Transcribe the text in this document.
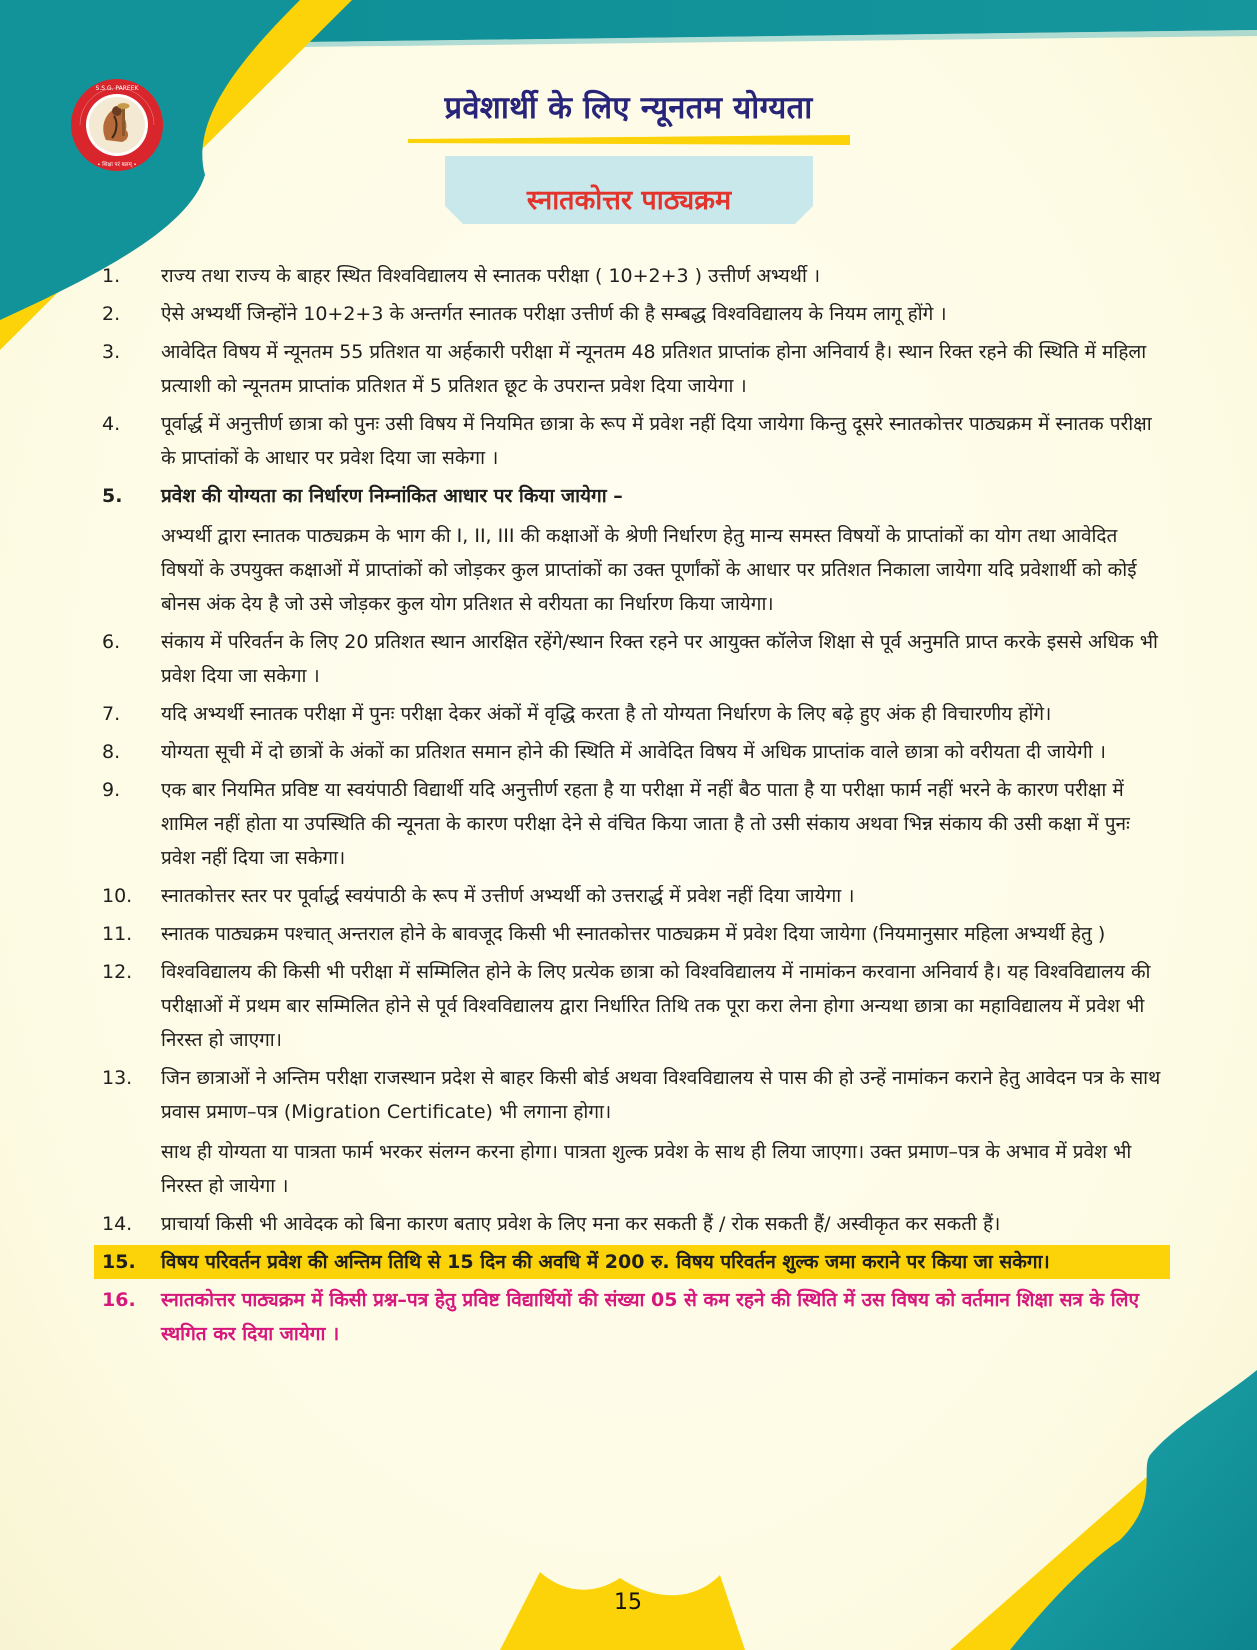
S.S.G. PAREEK
• शिक्षा परं बलम् •
प्रवेशार्थी के लिए न्यूनतम योग्यता
स्नातकोत्तर पाठ्यक्रम
1. राज्य तथा राज्य के बाहर स्थित विश्वविद्यालय से स्नातक परीक्षा ( 10+2+3 ) उत्तीर्ण अभ्यर्थी ।
2. ऐसे अभ्यर्थी जिन्होंने 10+2+3 के अन्तर्गत स्नातक परीक्षा उत्तीर्ण की है सम्बद्ध विश्वविद्यालय के नियम लागू होंगे ।
3. आवेदित विषय में न्यूनतम 55 प्रतिशत या अर्हकारी परीक्षा में न्यूनतम 48 प्रतिशत प्राप्तांक होना अनिवार्य है। स्थान रिक्त रहने की स्थिति में महिला प्रत्याशी को न्यूनतम प्राप्तांक प्रतिशत में 5 प्रतिशत छूट के उपरान्त प्रवेश दिया जायेगा ।
4. पूर्वार्द्ध में अनुत्तीर्ण छात्रा को पुनः उसी विषय में नियमित छात्रा के रूप में प्रवेश नहीं दिया जायेगा किन्तु दूसरे स्नातकोत्तर पाठ्यक्रम में स्नातक परीक्षा के प्राप्तांकों के आधार पर प्रवेश दिया जा सकेगा ।
5. प्रवेश की योग्यता का निर्धारण निम्नांकित आधार पर किया जायेगा –
अभ्यर्थी द्वारा स्नातक पाठ्यक्रम के भाग की I, II, III की कक्षाओं के श्रेणी निर्धारण हेतु मान्य समस्त विषयों के प्राप्तांकों का योग तथा आवेदित विषयों के उपयुक्त कक्षाओं में प्राप्तांकों को जोड़कर कुल प्राप्तांकों का उक्त पूर्णांकों के आधार पर प्रतिशत निकाला जायेगा यदि प्रवेशार्थी को कोई बोनस अंक देय है जो उसे जोड़कर कुल योग प्रतिशत से वरीयता का निर्धारण किया जायेगा।
6. संकाय में परिवर्तन के लिए 20 प्रतिशत स्थान आरक्षित रहेंगे/स्थान रिक्त रहने पर आयुक्त कॉलेज शिक्षा से पूर्व अनुमति प्राप्त करके इससे अधिक भी प्रवेश दिया जा सकेगा ।
7. यदि अभ्यर्थी स्नातक परीक्षा में पुनः परीक्षा देकर अंकों में वृद्धि करता है तो योग्यता निर्धारण के लिए बढ़े हुए अंक ही विचारणीय होंगे।
8. योग्यता सूची में दो छात्रों के अंकों का प्रतिशत समान होने की स्थिति में आवेदित विषय में अधिक प्राप्तांक वाले छात्रा को वरीयता दी जायेगी ।
9. एक बार नियमित प्रविष्ट या स्वयंपाठी विद्यार्थी यदि अनुत्तीर्ण रहता है या परीक्षा में नहीं बैठ पाता है या परीक्षा फार्म नहीं भरने के कारण परीक्षा में शामिल नहीं होता या उपस्थिति की न्यूनता के कारण परीक्षा देने से वंचित किया जाता है तो उसी संकाय अथवा भिन्न संकाय की उसी कक्षा में पुनः प्रवेश नहीं दिया जा सकेगा।
10. स्नातकोत्तर स्तर पर पूर्वार्द्ध स्वयंपाठी के रूप में उत्तीर्ण अभ्यर्थी को उत्तरार्द्ध में प्रवेश नहीं दिया जायेगा ।
11. स्नातक पाठ्यक्रम पश्चात् अन्तराल होने के बावजूद किसी भी स्नातकोत्तर पाठ्यक्रम में प्रवेश दिया जायेगा (नियमानुसार महिला अभ्यर्थी हेतु )
12. विश्वविद्यालय की किसी भी परीक्षा में सम्मिलित होने के लिए प्रत्येक छात्रा को विश्वविद्यालय में नामांकन करवाना अनिवार्य है। यह विश्वविद्यालय की परीक्षाओं में प्रथम बार सम्मिलित होने से पूर्व विश्वविद्यालय द्वारा निर्धारित तिथि तक पूरा करा लेना होगा अन्यथा छात्रा का महाविद्यालय में प्रवेश भी निरस्त हो जाएगा।
13. जिन छात्राओं ने अन्तिम परीक्षा राजस्थान प्रदेश से बाहर किसी बोर्ड अथवा विश्वविद्यालय से पास की हो उन्हें नामांकन कराने हेतु आवेदन पत्र के साथ प्रवास प्रमाण–पत्र (Migration Certificate) भी लगाना होगा।
साथ ही योग्यता या पात्रता फार्म भरकर संलग्न करना होगा। पात्रता शुल्क प्रवेश के साथ ही लिया जाएगा। उक्त प्रमाण–पत्र के अभाव में प्रवेश भी निरस्त हो जायेगा ।
14. प्राचार्या किसी भी आवेदक को बिना कारण बताए प्रवेश के लिए मना कर सकती हैं / रोक सकती हैं/ अस्वीकृत कर सकती हैं।
15. विषय परिवर्तन प्रवेश की अन्तिम तिथि से 15 दिन की अवधि में 200 रु. विषय परिवर्तन शुल्क जमा कराने पर किया जा सकेगा।
16. स्नातकोत्तर पाठ्यक्रम में किसी प्रश्न–पत्र हेतु प्रविष्ट विद्यार्थियों की संख्या 05 से कम रहने की स्थिति में उस विषय को वर्तमान शिक्षा सत्र के लिए स्थगित कर दिया जायेगा ।

15
